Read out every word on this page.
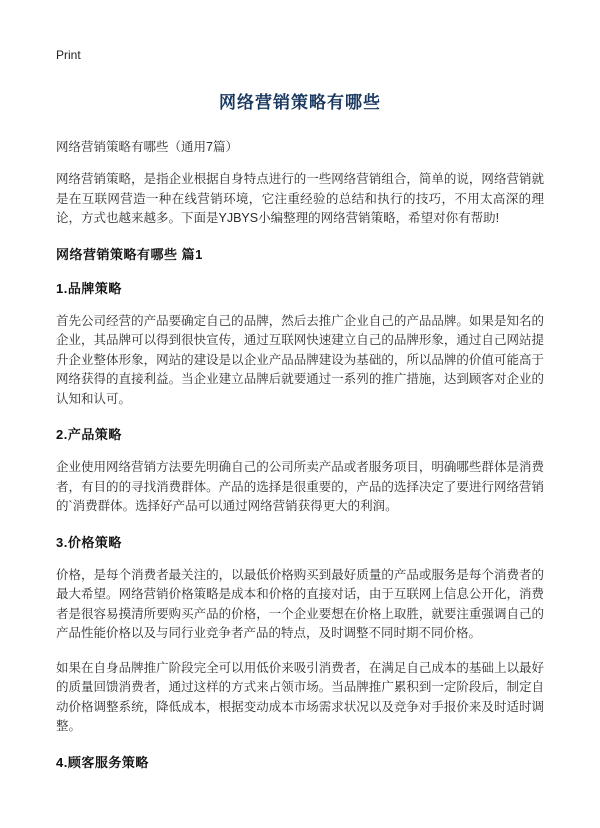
Print
网络营销策略有哪些
网络营销策略有哪些（通用7篇）

网络营销策略，是指企业根据自身特点进行的一些网络营销组合，简单的说，网络营销就是在互联网营造一种在线营销环境，它注重经验的总结和执行的技巧，不用太高深的理论，方式也越来越多。下面是YJBYS小编整理的网络营销策略，希望对你有帮助!

网络营销策略有哪些 篇1
1.品牌策略

首先公司经营的产品要确定自己的品牌，然后去推广企业自己的产品品牌。如果是知名的企业，其品牌可以得到很快宣传，通过互联网快速建立自己的品牌形象，通过自己网站提升企业整体形象，网站的建设是以企业产品品牌建设为基础的，所以品牌的价值可能高于网络获得的直接利益。当企业建立品牌后就要通过一系列的推广措施，达到顾客对企业的认知和认可。

2.产品策略

企业使用网络营销方法要先明确自己的公司所卖产品或者服务项目，明确哪些群体是消费者，有目的的寻找消费群体。产品的选择是很重要的，产品的选择决定了要进行网络营销的`消费群体。选择好产品可以通过网络营销获得更大的利润。

3.价格策略

价格，是每个消费者最关注的，以最低价格购买到最好质量的产品或服务是每个消费者的最大希望。网络营销价格策略是成本和价格的直接对话，由于互联网上信息公开化，消费者是很容易摸清所要购买产品的价格，一个企业要想在价格上取胜，就要注重强调自己的产品性能价格以及与同行业竞争者产品的特点，及时调整不同时期不同价格。

如果在自身品牌推广阶段完全可以用低价来吸引消费者，在满足自己成本的基础上以最好的质量回馈消费者，通过这样的方式来占领市场。当品牌推广累积到一定阶段后，制定自动价格调整系统，降低成本，根据变动成本市场需求状况以及竞争对手报价来及时适时调整。

4.顾客服务策略
